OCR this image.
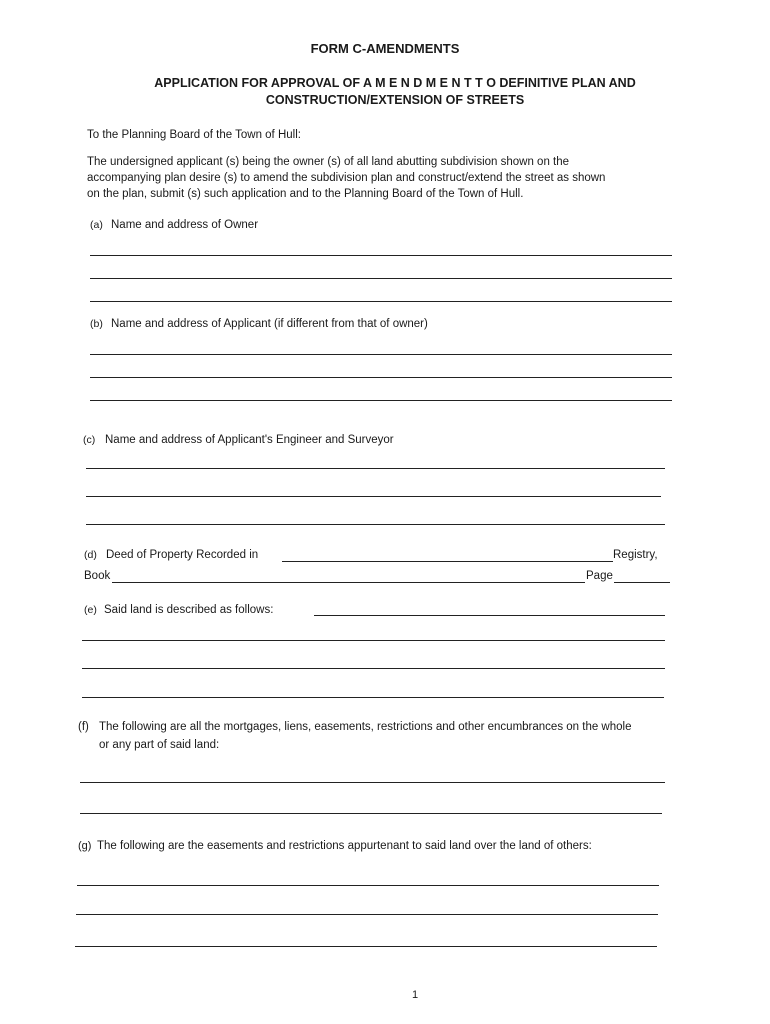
FORM C-AMENDMENTS
APPLICATION FOR APPROVAL OF A M E N D M E N T T O DEFINITIVE PLAN AND
CONSTRUCTION/EXTENSION OF STREETS
To the Planning Board of the Town of Hull:
The undersigned applicant (s) being the owner (s) of all land abutting subdivision shown on the
accompanying plan desire (s) to amend the subdivision plan and construct/extend the street as shown
on the plan, submit (s) such application and to the Planning Board of the Town of Hull.
(a) Name and address of Owner
(b) Name and address of Applicant (if different from that of owner)
(c) Name and address of Applicant's Engineer and Surveyor
(d) Deed of Property Recorded in	Registry,
Book	Page
(e) Said land is described as follows:
(f) The following are all the mortgages, liens, easements, restrictions and other encumbrances on the whole
or any part of said land:
(g) The following are the easements and restrictions appurtenant to said land over the land of others:
1
